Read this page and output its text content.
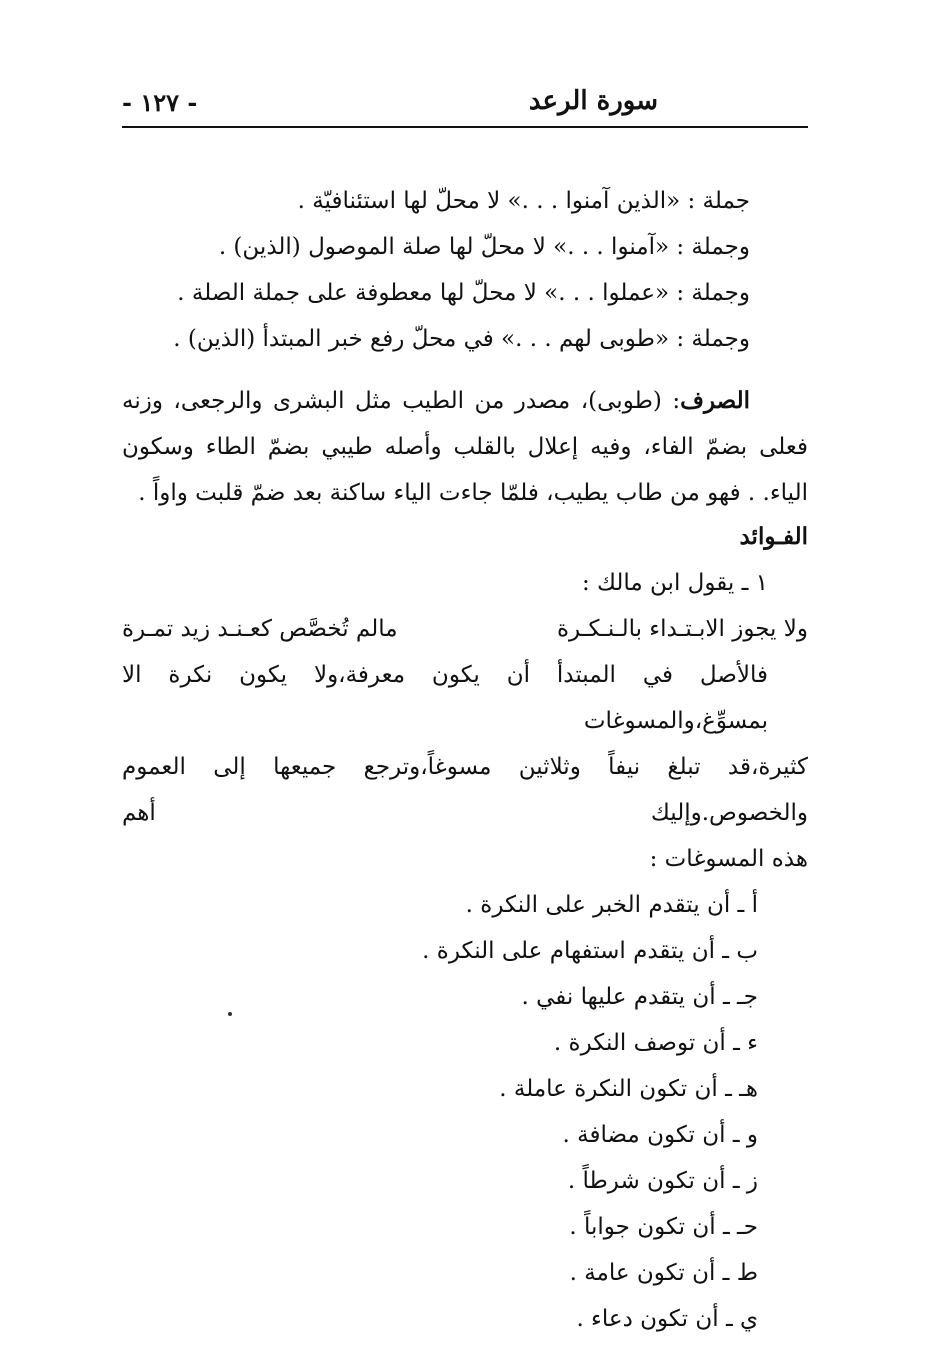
سورة الرعد
- ١٢٧ -
جملة : «الذين آمنوا . . .» لا محلّ لها استئنافيّة .
وجملة : «آمنوا . . .» لا محلّ لها صلة الموصول (الذين) .
وجملة : «عملوا . . .» لا محلّ لها معطوفة على جملة الصلة .
وجملة : «طوبى لهم . . .» في محلّ رفع خبر المبتدأ (الذين) .
الصرف: (طوبى)، مصدر من الطيب مثل البشرى والرجعى، وزنه
فعلى بضمّ الفاء، وفيه إعلال بالقلب وأصله طيبي بضمّ الطاء وسكون
الياء. . فهو من طاب يطيب، فلمّا جاءت الياء ساكنة بعد ضمّ قلبت واواً .
الفـوائد
١ ـ يقول ابن مالك :
ولا يجوز الابـتـداء بالـنـكـرة
مالم تُخصَّص كعـنـد زيد تمـرة
فالأصل في المبتدأ أن يكون معرفة،ولا يكون نكرة الا بمسوِّغ،والمسوغات
كثيرة،قد تبلغ نيفاً وثلاثين مسوغاً،وترجع جميعها إلى العموم والخصوص.وإليك أهم
هذه المسوغات :
أ ـ أن يتقدم الخبر على النكرة .
ب ـ أن يتقدم استفهام على النكرة .
جـ ـ أن يتقدم عليها نفي .
ء ـ أن توصف النكرة .
هـ ـ أن تكون النكرة عاملة .
و ـ أن تكون مضافة .
ز ـ أن تكون شرطاً .
حـ ـ أن تكون جواباً .
ط ـ أن تكون عامة .
ي ـ أن تكون دعاء .
